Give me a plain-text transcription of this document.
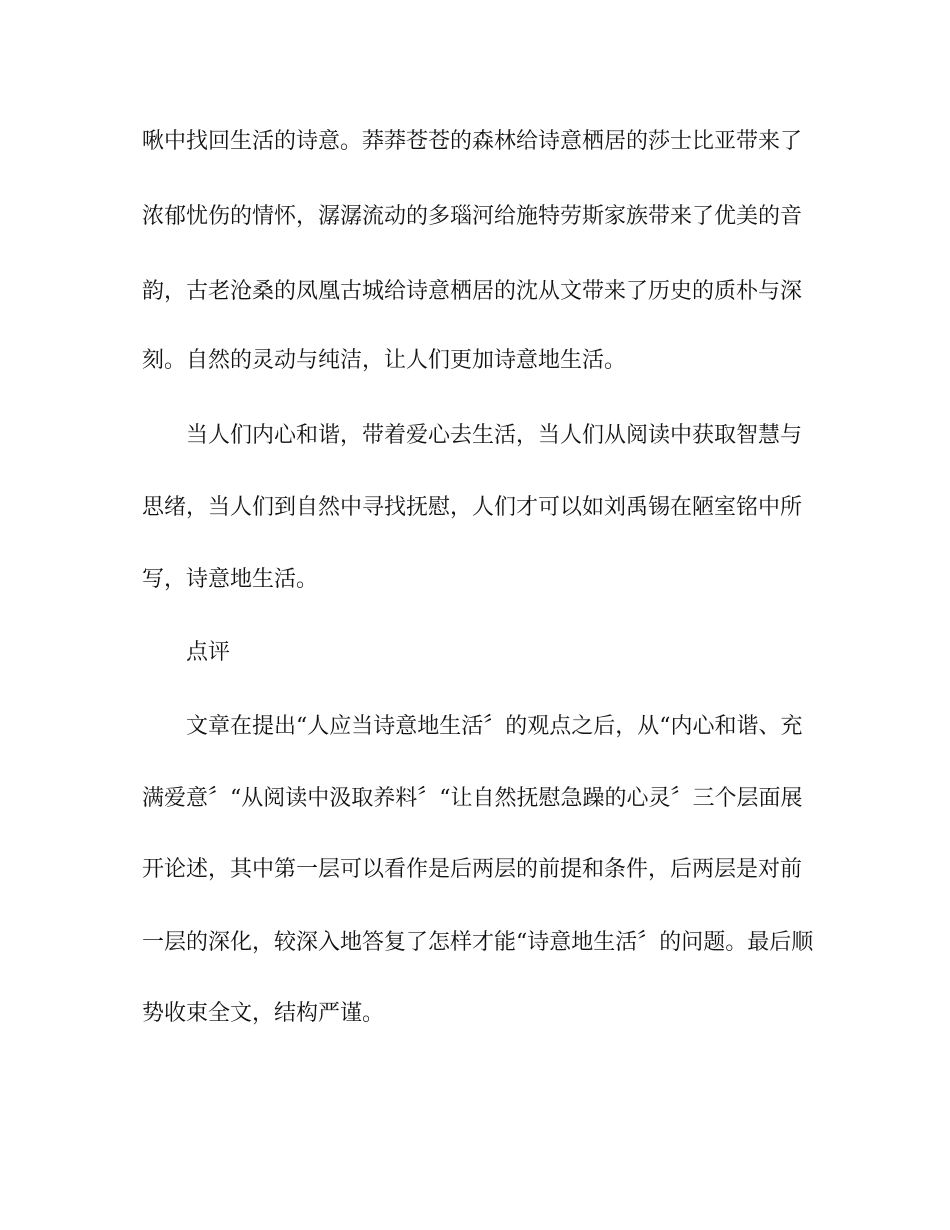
啾中找回生活的诗意。莽莽苍苍的森林给诗意栖居的莎士比亚带来了

浓郁忧伤的情怀，潺潺流动的多瑙河给施特劳斯家族带来了优美的音

韵，古老沧桑的凤凰古城给诗意栖居的沈从文带来了历史的质朴与深

刻。自然的灵动与纯洁，让人们更加诗意地生活。

当人们内心和谐，带着爱心去生活，当人们从阅读中获取智慧与

思绪，当人们到自然中寻找抚慰，人们才可以如刘禹锡在陋室铭中所

写，诗意地生活。

点评

文章在提出“人应当诗意地生活〞的观点之后，从“内心和谐、充

满爱意〞“从阅读中汲取养料〞“让自然抚慰急躁的心灵〞三个层面展

开论述，其中第一层可以看作是后两层的前提和条件，后两层是对前

一层的深化，较深入地答复了怎样才能“诗意地生活〞的问题。最后顺

势收束全文，结构严谨。
